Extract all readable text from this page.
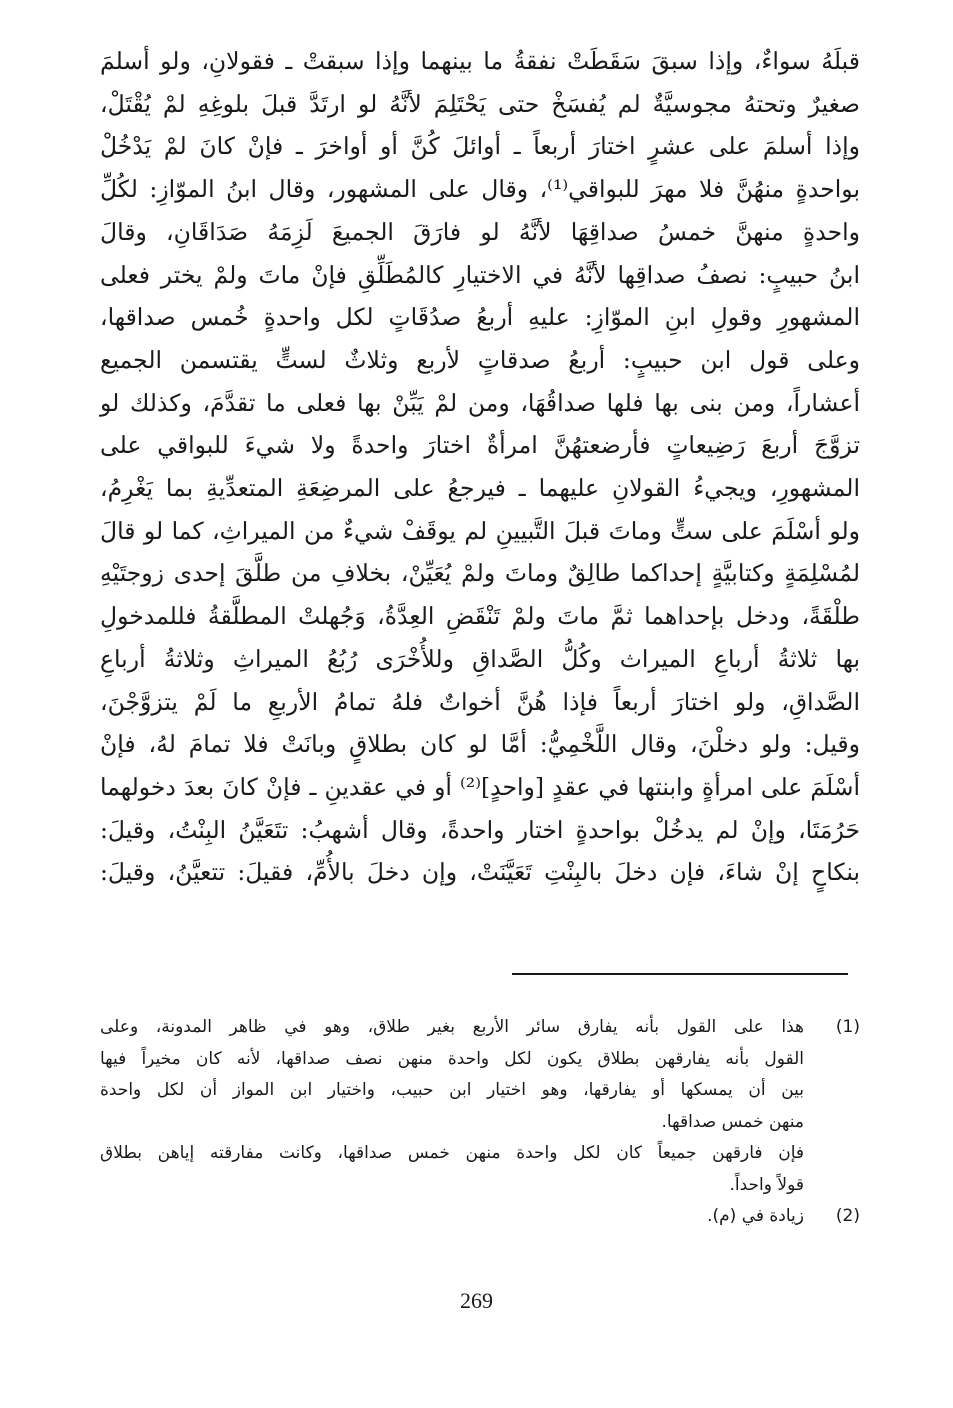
قبلَهُ سواءٌ، وإذا سبقَ سَقَطَتْ نفقةُ ما بينهما وإذا سبقتْ ـ فقولانِ، ولو أسلمَ
صغيرٌ وتحتهُ مجوسيَّةٌ لم يُفسَخْ حتى يَحْتَلِمَ لأنَّهُ لو ارتَدَّ قبلَ بلوغِهِ لمْ يُقْتَلْ،
وإذا أسلمَ على عشرٍ اختارَ أربعاً ـ أوائلَ كُنَّ أو أواخرَ ـ فإنْ كانَ لمْ يَدْخُلْ
بواحدةٍ منهُنَّ فلا مهرَ للبواقي⁽¹⁾، وقال على المشهور، وقال ابنُ الموّازِ: لكُلِّ
واحدةٍ منهنَّ خمسُ صداقِهَا لأنَّهُ لو فارَقَ الجميعَ لَزِمَهُ صَدَاقَانِ، وقالَ
ابنُ حبيبٍ: نصفُ صداقِها لأنَّهُ في الاختيارِ كالمُطَلِّقِ فإنْ ماتَ ولمْ يختر فعلى
المشهورِ وقولِ ابنِ الموّازِ: عليهِ أربعُ صدُقَاتٍ لكل واحدةٍ خُمس صداقها،
وعلى قول ابن حبيبٍ: أربعُ صدقاتٍ لأربع وثلاثٌ لستٍّ يقتسمن الجميع
أعشاراً، ومن بنى بها فلها صداقُهَا، ومن لمْ يَبِّنْ بها فعلى ما تقدَّمَ، وكذلك لو
تزوَّجَ أربعَ رَضِيعاتٍ فأرضعتهُنَّ امرأةٌ اختارَ واحدةً ولا شيءَ للبواقي على
المشهورِ، ويجيءُ القولانِ عليهما ـ فيرجعُ على المرضِعَةِ المتعدِّيةِ بما يَغْرِمُ،
ولو أسْلَمَ على ستٍّ وماتَ قبلَ التَّبيينِ لم يوقَفْ شيءٌ من الميراثِ، كما لو قالَ
لمُسْلِمَةٍ وكتابيَّةٍ إحداكما طالِقٌ وماتَ ولمْ يُعَيِّنْ، بخلافِ من طلَّقَ إحدى زوجتَيْهِ
طلْقَةً، ودخل بإحداهما ثمَّ ماتَ ولمْ تَنْقَضِ العِدَّةُ، وَجُهلتْ المطلَّقةُ فللمدخولِ
بها ثلاثةُ أرباعِ الميراث وكُلُّ الصَّداقِ وللأُخْرَى رُبُعُ الميراثِ وثلاثةُ أرباعِ
الصَّداقِ، ولو اختارَ أربعاً فإذا هُنَّ أخواتٌ فلهُ تمامُ الأربعِ ما لَمْ يتزوَّجْنَ،
وقيل: ولو دخلْنَ، وقال اللَّخْمِيُّ: أمَّا لو كان بطلاقٍ وبانَتْ فلا تمامَ لهُ، فإنْ
أسْلَمَ على امرأةٍ وابنتها في عقدٍ [واحدٍ]⁽²⁾ أو في عقدينِ ـ فإنْ كانَ بعدَ دخولهما
حَرُمَتَا، وإنْ لم يدخُلْ بواحدةٍ اختار واحدةً، وقال أشهبُ: تتَعَيَّنُ البِنْتُ، وقيلَ:
بنكاحٍ إنْ شاءَ، فإن دخلَ بالبِنْتِ تَعَيَّنَتْ، وإن دخلَ بالأُمِّ، فقيلَ: تتعيَّنُ، وقيلَ:
(1)
هذا على القول بأنه يفارق سائر الأربع بغير طلاق، وهو في ظاهر المدونة، وعلى
القول بأنه يفارقهن بطلاق يكون لكل واحدة منهن نصف صداقها، لأنه كان مخيراً فيها
بين أن يمسكها أو يفارقها، وهو اختيار ابن حبيب، واختيار ابن المواز أن لكل واحدة
منهن خمس صداقها.
فإن فارقهن جميعاً كان لكل واحدة منهن خمس صداقها، وكانت مفارقته إياهن بطلاق
قولاً واحداً.
(2)
زيادة في (م).
269
